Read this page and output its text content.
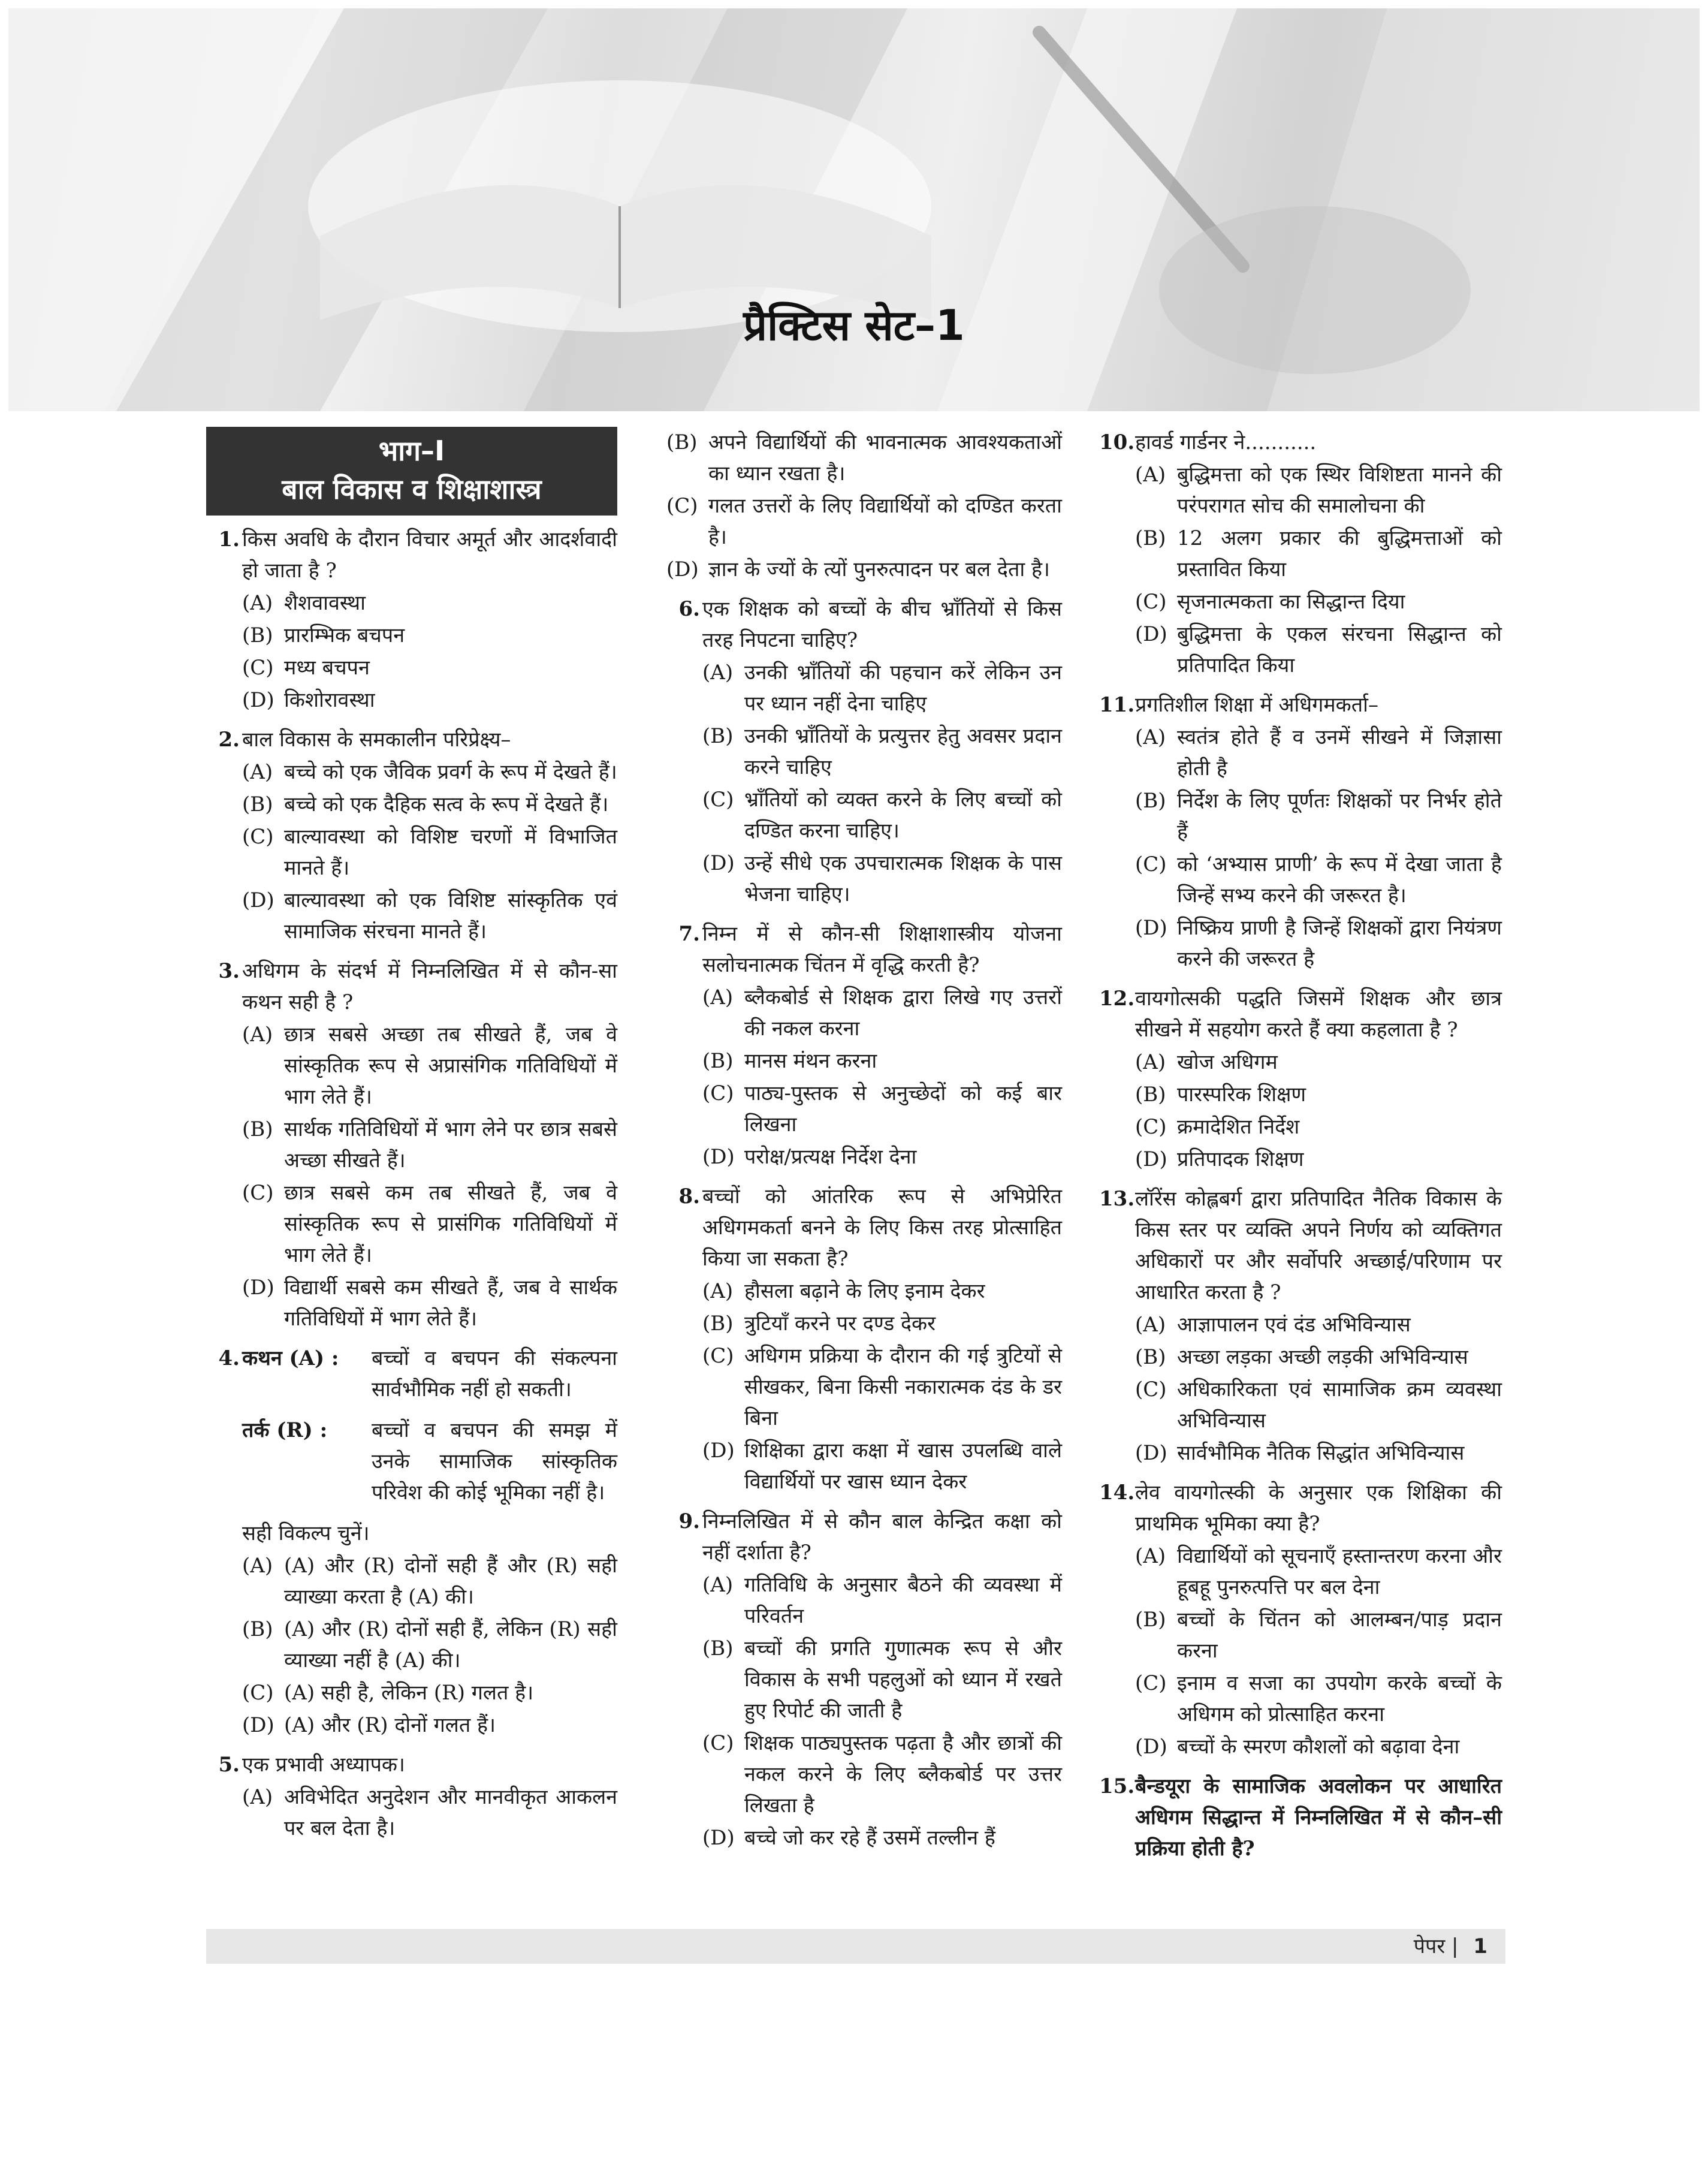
प्रैक्टिस सेट–1
भाग–I
बाल विकास व शिक्षाशास्त्र
1. किस अवधि के दौरान विचार अमूर्त और आदर्शवादी हो जाता है ?
(A) शैशवावस्था
(B) प्रारम्भिक बचपन
(C) मध्य बचपन
(D) किशोरावस्था
2. बाल विकास के समकालीन परिप्रेक्ष्य–
(A) बच्चे को एक जैविक प्रवर्ग के रूप में देखते हैं।
(B) बच्चे को एक दैहिक सत्व के रूप में देखते हैं।
(C) बाल्यावस्था को विशिष्ट चरणों में विभाजित मानते हैं।
(D) बाल्यावस्था को एक विशिष्ट सांस्कृतिक एवं सामाजिक संरचना मानते हैं।
3. अधिगम के संदर्भ में निम्नलिखित में से कौन-सा कथन सही है ?
(A) छात्र सबसे अच्छा तब सीखते हैं, जब वे सांस्कृतिक रूप से अप्रासंगिक गतिविधियों में भाग लेते हैं।
(B) सार्थक गतिविधियों में भाग लेने पर छात्र सबसे अच्छा सीखते हैं।
(C) छात्र सबसे कम तब सीखते हैं, जब वे सांस्कृतिक रूप से प्रासंगिक गतिविधियों में भाग लेते हैं।
(D) विद्यार्थी सबसे कम सीखते हैं, जब वे सार्थक गतिविधियों में भाग लेते हैं।
4. कथन (A) :	बच्चों व बचपन की संकल्पना सार्वभौमिक नहीं हो सकती।
तर्क (R) :	बच्चों व बचपन की समझ में उनके सामाजिक सांस्कृतिक परिवेश की कोई भूमिका नहीं है।
सही विकल्प चुनें।
(A) (A) और (R) दोनों सही हैं और (R) सही व्याख्या करता है (A) की।
(B) (A) और (R) दोनों सही हैं, लेकिन (R) सही व्याख्या नहीं है (A) की।
(C) (A) सही है, लेकिन (R) गलत है।
(D) (A) और (R) दोनों गलत हैं।
5. एक प्रभावी अध्यापक।
(A) अविभेदित अनुदेशन और मानवीकृत आकलन पर बल देता है।
(B) अपने विद्यार्थियों की भावनात्मक आवश्यकताओं का ध्यान रखता है।
(C) गलत उत्तरों के लिए विद्यार्थियों को दण्डित करता है।
(D) ज्ञान के ज्यों के त्यों पुनरुत्पादन पर बल देता है।
6. एक शिक्षक को बच्चों के बीच भ्राँतियों से किस तरह निपटना चाहिए?
(A) उनकी भ्राँतियों की पहचान करें लेकिन उन पर ध्यान नहीं देना चाहिए
(B) उनकी भ्राँतियों के प्रत्युत्तर हेतु अवसर प्रदान करने चाहिए
(C) भ्राँतियों को व्यक्त करने के लिए बच्चों को दण्डित करना चाहिए।
(D) उन्हें सीधे एक उपचारात्मक शिक्षक के पास भेजना चाहिए।
7. निम्न में से कौन-सी शिक्षाशास्त्रीय योजना सलोचनात्मक चिंतन में वृद्धि करती है?
(A) ब्लैकबोर्ड से शिक्षक द्वारा लिखे गए उत्तरों की नकल करना
(B) मानस मंथन करना
(C) पाठ्य-पुस्तक से अनुच्छेदों को कई बार लिखना
(D) परोक्ष/प्रत्यक्ष निर्देश देना
8. बच्चों को आंतरिक रूप से अभिप्रेरित अधिगमकर्ता बनने के लिए किस तरह प्रोत्साहित किया जा सकता है?
(A) हौसला बढ़ाने के लिए इनाम देकर
(B) त्रुटियाँ करने पर दण्ड देकर
(C) अधिगम प्रक्रिया के दौरान की गई त्रुटियों से सीखकर, बिना किसी नकारात्मक दंड के डर बिना
(D) शिक्षिका द्वारा कक्षा में खास उपलब्धि वाले विद्यार्थियों पर खास ध्यान देकर
9. निम्नलिखित में से कौन बाल केन्द्रित कक्षा को नहीं दर्शाता है?
(A) गतिविधि के अनुसार बैठने की व्यवस्था में परिवर्तन
(B) बच्चों की प्रगति गुणात्मक रूप से और विकास के सभी पहलुओं को ध्यान में रखते हुए रिपोर्ट की जाती है
(C) शिक्षक पाठ्यपुस्तक पढ़ता है और छात्रों की नकल करने के लिए ब्लैकबोर्ड पर उत्तर लिखता है
(D) बच्चे जो कर रहे हैं उसमें तल्लीन हैं
10. हावर्ड गार्डनर ने...........
(A) बुद्धिमत्ता को एक स्थिर विशिष्टता मानने की परंपरागत सोच की समालोचना की
(B) 12 अलग प्रकार की बुद्धिमत्ताओं को प्रस्तावित किया
(C) सृजनात्मकता का सिद्धान्त दिया
(D) बुद्धिमत्ता के एकल संरचना सिद्धान्त को प्रतिपादित किया
11. प्रगतिशील शिक्षा में अधिगमकर्ता–
(A) स्वतंत्र होते हैं व उनमें सीखने में जिज्ञासा होती है
(B) निर्देश के लिए पूर्णतः शिक्षकों पर निर्भर होते हैं
(C) को ‘अभ्यास प्राणी’ के रूप में देखा जाता है जिन्हें सभ्य करने की जरूरत है।
(D) निष्क्रिय प्राणी है जिन्हें शिक्षकों द्वारा नियंत्रण करने की जरूरत है
12. वायगोत्सकी पद्धति जिसमें शिक्षक और छात्र सीखने में सहयोग करते हैं क्या कहलाता है ?
(A) खोज अधिगम
(B) पारस्परिक शिक्षण
(C) क्रमादेशित निर्देश
(D) प्रतिपादक शिक्षण
13. लॉरेंस कोह्लबर्ग द्वारा प्रतिपादित नैतिक विकास के किस स्तर पर व्यक्ति अपने निर्णय को व्यक्तिगत अधिकारों पर और सर्वोपरि अच्छाई/परिणाम पर आधारित करता है ?
(A) आज्ञापालन एवं दंड अभिविन्यास
(B) अच्छा लड़का अच्छी लड़की अभिविन्यास
(C) अधिकारिकता एवं सामाजिक क्रम व्यवस्था अभिविन्यास
(D) सार्वभौमिक नैतिक सिद्धांत अभिविन्यास
14. लेव वायगोत्स्की के अनुसार एक शिक्षिका की प्राथमिक भूमिका क्या है?
(A) विद्यार्थियों को सूचनाएँ हस्तान्तरण करना और हूबहू पुनरुत्पत्ति पर बल देना
(B) बच्चों के चिंतन को आलम्बन/पाड़ प्रदान करना
(C) इनाम व सजा का उपयोग करके बच्चों के अधिगम को प्रोत्साहित करना
(D) बच्चों के स्मरण कौशलों को बढ़ावा देना
15. बैन्डयूरा के सामाजिक अवलोकन पर आधारित अधिगम सिद्धान्त में निम्नलिखित में से कौन–सी प्रक्रिया होती है?
पेपर | 1
